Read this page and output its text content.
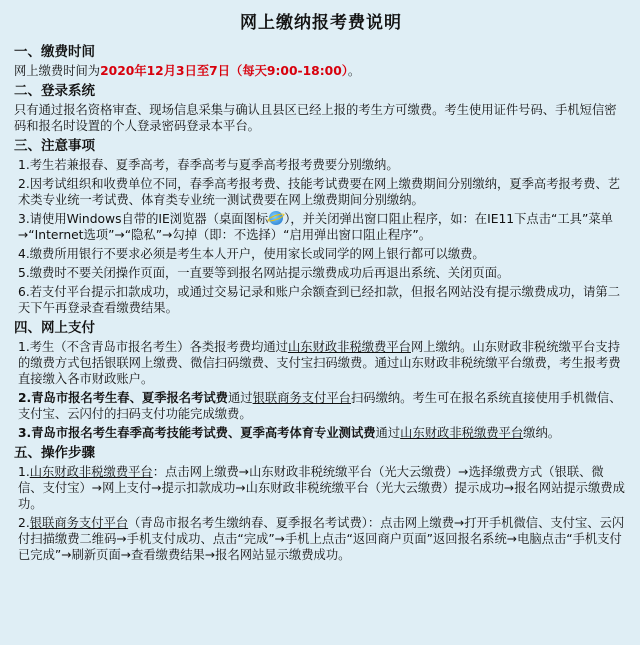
网上缴纳报考费说明
一、缴费时间

网上缴费时间为2020年12月3日至7日（每天9:00-18:00）。

二、登录系统

只有通过报名资格审查、现场信息采集与确认且县区已经上报的考生方可缴费。考生使用证件号码、手机短信密码和报名时设置的个人登录密码登录本平台。

三、注意事项
1.考生若兼报春、夏季高考，春季高考与夏季高考报考费要分别缴纳。
2.因考试组织和收费单位不同，春季高考报考费、技能考试费要在网上缴费期间分别缴纳，夏季高考报考费、艺术类专业统一考试费、体育类专业统一测试费要在网上缴费期间分别缴纳。
3.请使用Windows自带的IE浏览器（桌面图标 ），并关闭弹出窗口阻止程序，如：在IE11下点击“工具”菜单→“Internet选项”→“隐私”→勾掉（即：不选择）“启用弹出窗口阻止程序”。
4.缴费所用银行不要求必须是考生本人开户，使用家长或同学的网上银行都可以缴费。
5.缴费时不要关闭操作页面，一直要等到报名网站提示缴费成功后再退出系统、关闭页面。
6.若支付平台提示扣款成功，或通过交易记录和账户余额查到已经扣款，但报名网站没有提示缴费成功，请第二天下午再登录查看缴费结果。
四、网上支付
1.考生（不含青岛市报名考生）各类报考费均通过山东财政非税缴费平台网上缴纳。山东财政非税统缴平台支持的缴费方式包括银联网上缴费、微信扫码缴费、支付宝扫码缴费。通过山东财政非税统缴平台缴费，考生报考费直接缴入各市财政账户。
2.青岛市报名考生春、夏季报名考试费通过银联商务支付平台扫码缴纳。考生可在报名系统直接使用手机微信、支付宝、云闪付的扫码支付功能完成缴费。
3.青岛市报名考生春季高考技能考试费、夏季高考体育专业测试费通过山东财政非税缴费平台缴纳。
五、操作步骤
1.山东财政非税缴费平台：点击网上缴费→山东财政非税统缴平台（光大云缴费）→选择缴费方式（银联、微信、支付宝）→网上支付→提示扣款成功→山东财政非税统缴平台（光大云缴费）提示成功→报名网站提示缴费成功。
2.银联商务支付平台（青岛市报名考生缴纳春、夏季报名考试费）：点击网上缴费→打开手机微信、支付宝、云闪付扫描缴费二维码→手机支付成功、点击“完成”→手机上点击“返回商户页面”返回报名系统→电脑点击“手机支付已完成”→刷新页面→查看缴费结果→报名网站显示缴费成功。
